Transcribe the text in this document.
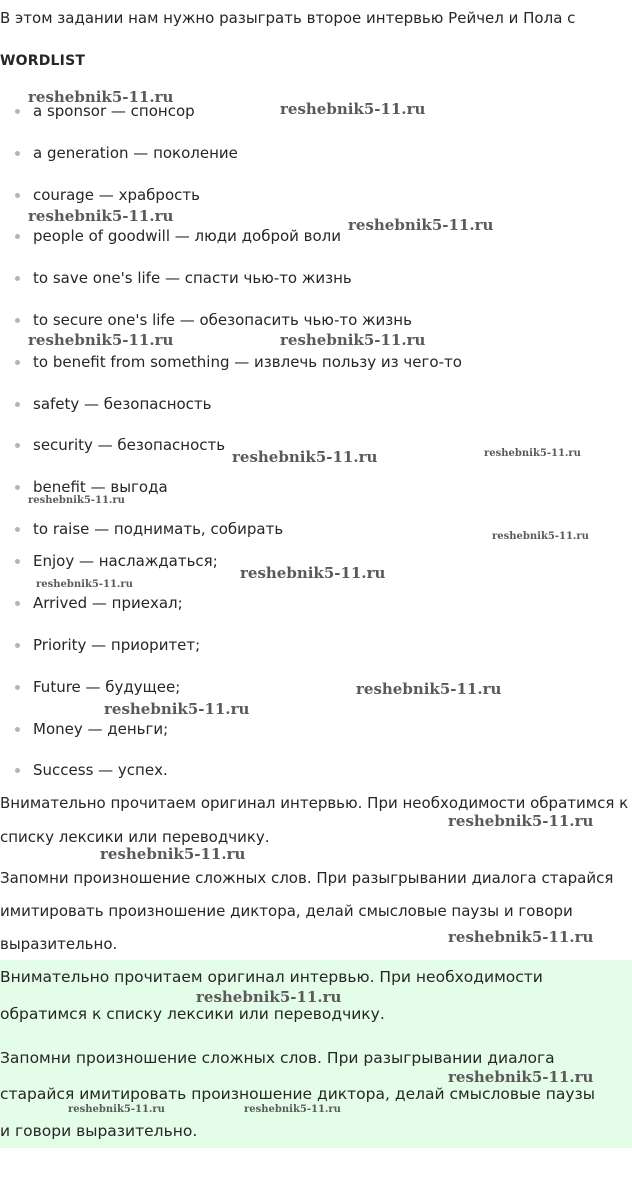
В этом задании нам нужно разыграть второе интервью Рейчел и Пола с
WORDLIST
a sponsor — спонсор
a generation — поколение
courage — храбрость
people of goodwill — люди доброй воли
to save one's life — спасти чью-то жизнь
to secure one's life — обезопасить чью-то жизнь
to benefit from something — извлечь пользу из чего-то
safety — безопасность
security — безопасность
benefit — выгода
to raise — поднимать, собирать
Enjoy — наслаждаться;
Arrived — приехал;
Priority — приоритет;
Future — будущее;
Money — деньги;
Success — успех.
Внимательно прочитаем оригинал интервью. При необходимости обратимся к
списку лексики или переводчику.
Запомни произношение сложных слов. При разыгрывании диалога старайся
имитировать произношение диктора, делай смысловые паузы и говори
выразительно.
Внимательно прочитаем оригинал интервью. При необходимости
обратимся к списку лексики или переводчику.
Запомни произношение сложных слов. При разыгрывании диалога
старайся имитировать произношение диктора, делай смысловые паузы
и говори выразительно.
reshebnik5-11.ru
reshebnik5-11.ru
reshebnik5-11.ru	reshebnik5-11.ru
reshebnik5-11.ru	reshebnik5-11.ru
reshebnik5-11.ru	reshebnik5-11.ru
reshebnik5-11.ru
reshebnik5-11.ru
reshebnik5-11.ru
reshebnik5-11.ru
reshebnik5-11.ru
reshebnik5-11.ru
reshebnik5-11.ru
reshebnik5-11.ru
reshebnik5-11.ru
reshebnik5-11.ru
reshebnik5-11.ru
reshebnik5-11.ru	reshebnik5-11.ru
